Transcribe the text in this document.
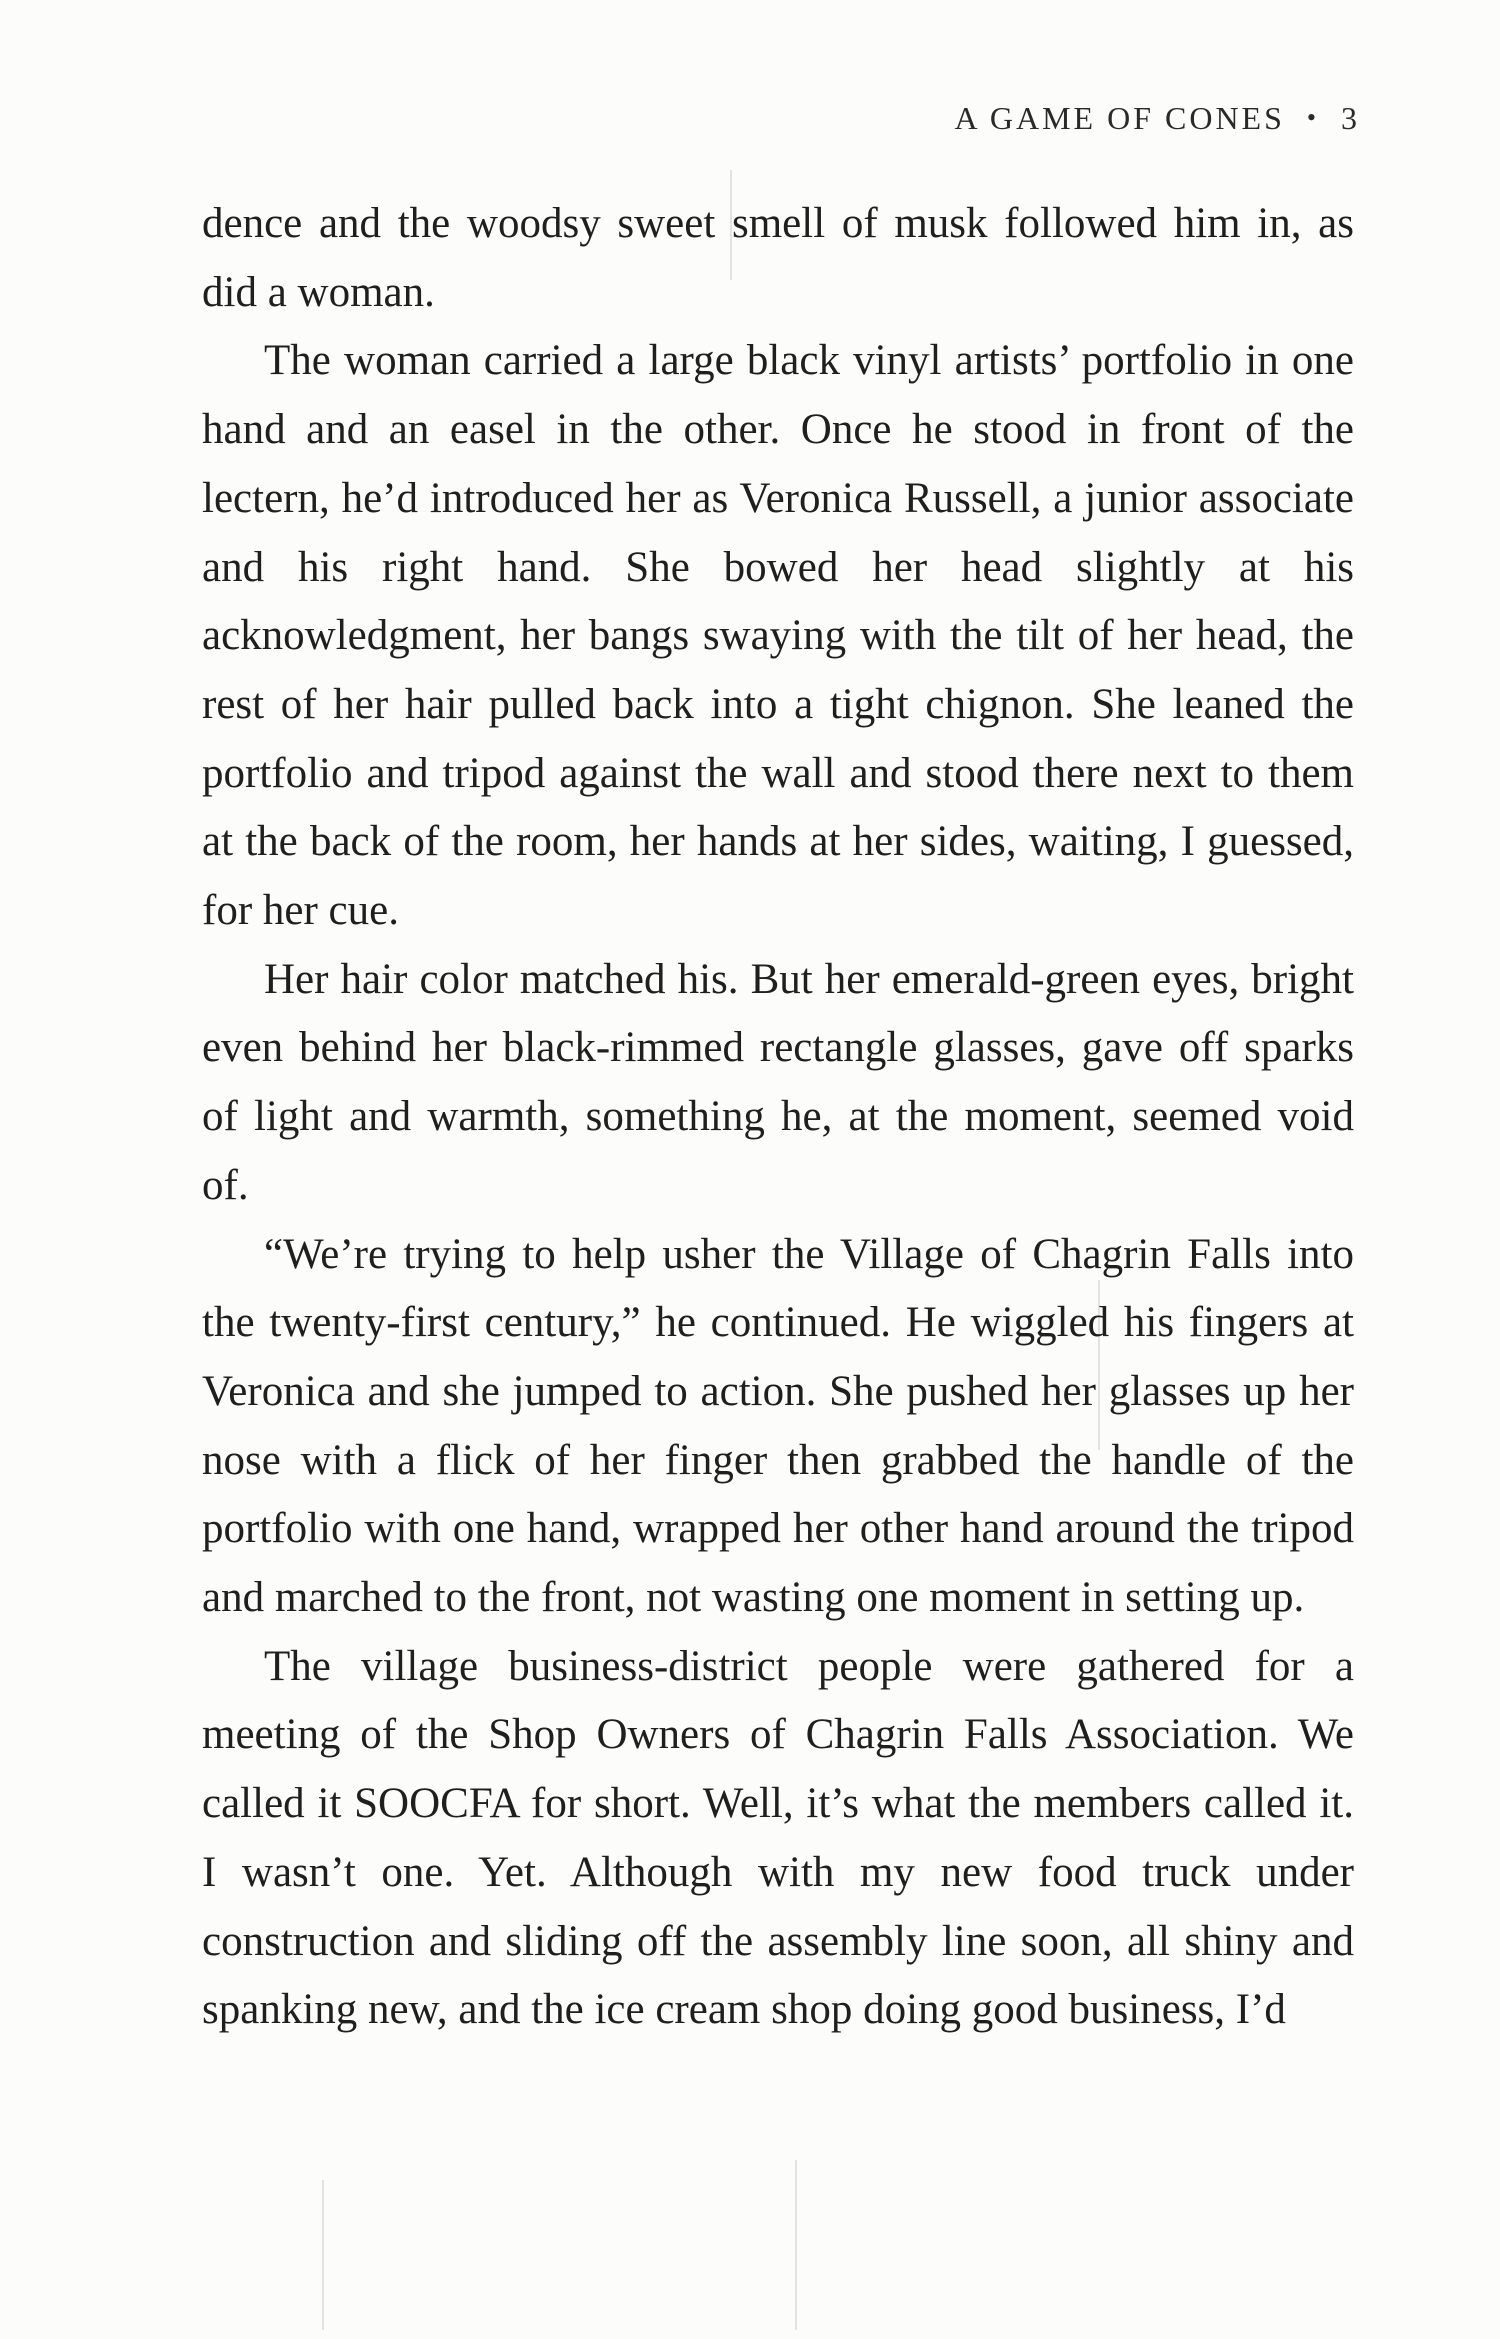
A GAME OF CONES • 3

dence and the woodsy sweet smell of musk followed him in, as did a woman.

The woman carried a large black vinyl artists’ portfolio in one hand and an easel in the other. Once he stood in front of the lectern, he’d introduced her as Veronica Russell, a junior associate and his right hand. She bowed her head slightly at his acknowledgment, her bangs swaying with the tilt of her head, the rest of her hair pulled back into a tight chignon. She leaned the portfolio and tripod against the wall and stood there next to them at the back of the room, her hands at her sides, waiting, I guessed, for her cue.

Her hair color matched his. But her emerald-green eyes, bright even behind her black-rimmed rectangle glasses, gave off sparks of light and warmth, something he, at the moment, seemed void of.

“We’re trying to help usher the Village of Chagrin Falls into the twenty-first century,” he continued. He wiggled his fingers at Veronica and she jumped to action. She pushed her glasses up her nose with a flick of her finger then grabbed the handle of the portfolio with one hand, wrapped her other hand around the tripod and marched to the front, not wasting one moment in setting up.

The village business-district people were gathered for a meeting of the Shop Owners of Chagrin Falls Association. We called it SOOCFA for short. Well, it’s what the members called it. I wasn’t one. Yet. Although with my new food truck under construction and sliding off the assembly line soon, all shiny and spanking new, and the ice cream shop doing good business, I’d
